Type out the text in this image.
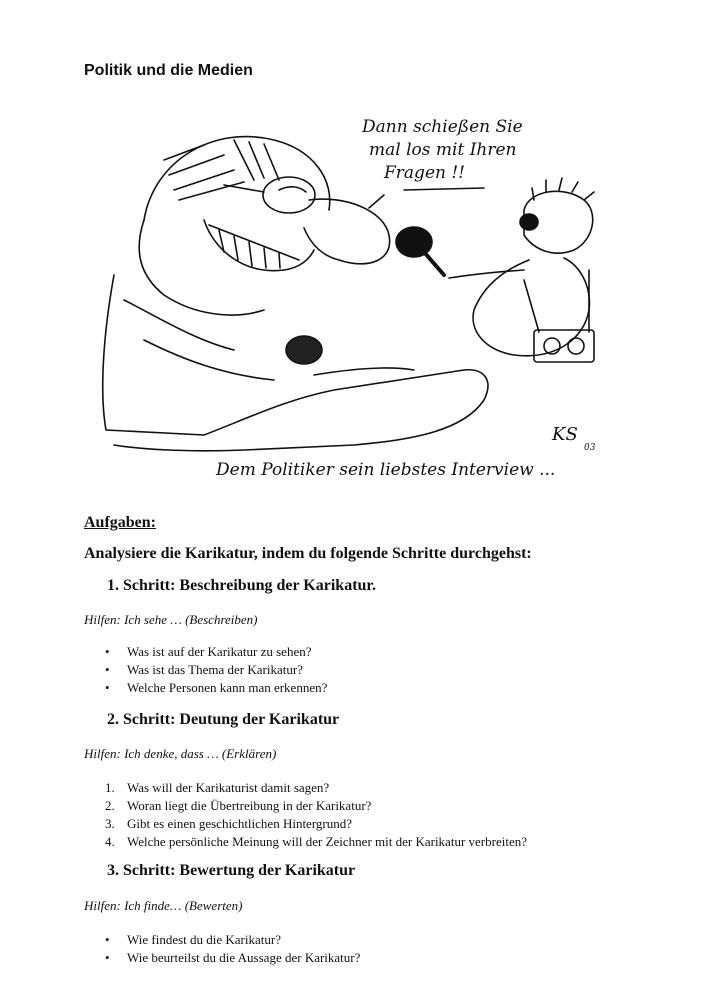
Politik und die Medien
Dann schießen Sie
mal los mit Ihren
Fragen !!
KS
03
Dem Politiker sein liebstes Interview ...

Aufgaben:

Analysiere die Karikatur, indem du folgende Schritte durchgehst:

1. Schritt: Beschreibung der Karikatur.

Hilfen: Ich sehe … (Beschreiben)

• Was ist auf der Karikatur zu sehen?
• Was ist das Thema der Karikatur?
• Welche Personen kann man erkennen?

2. Schritt: Deutung der Karikatur

Hilfen: Ich denke, dass … (Erklären)

1. Was will der Karikaturist damit sagen?
2. Woran liegt die Übertreibung in der Karikatur?
3. Gibt es einen geschichtlichen Hintergrund?
4. Welche persönliche Meinung will der Zeichner mit der Karikatur verbreiten?

3. Schritt: Bewertung der Karikatur

Hilfen: Ich finde… (Bewerten)

• Wie findest du die Karikatur?
• Wie beurteilst du die Aussage der Karikatur?
